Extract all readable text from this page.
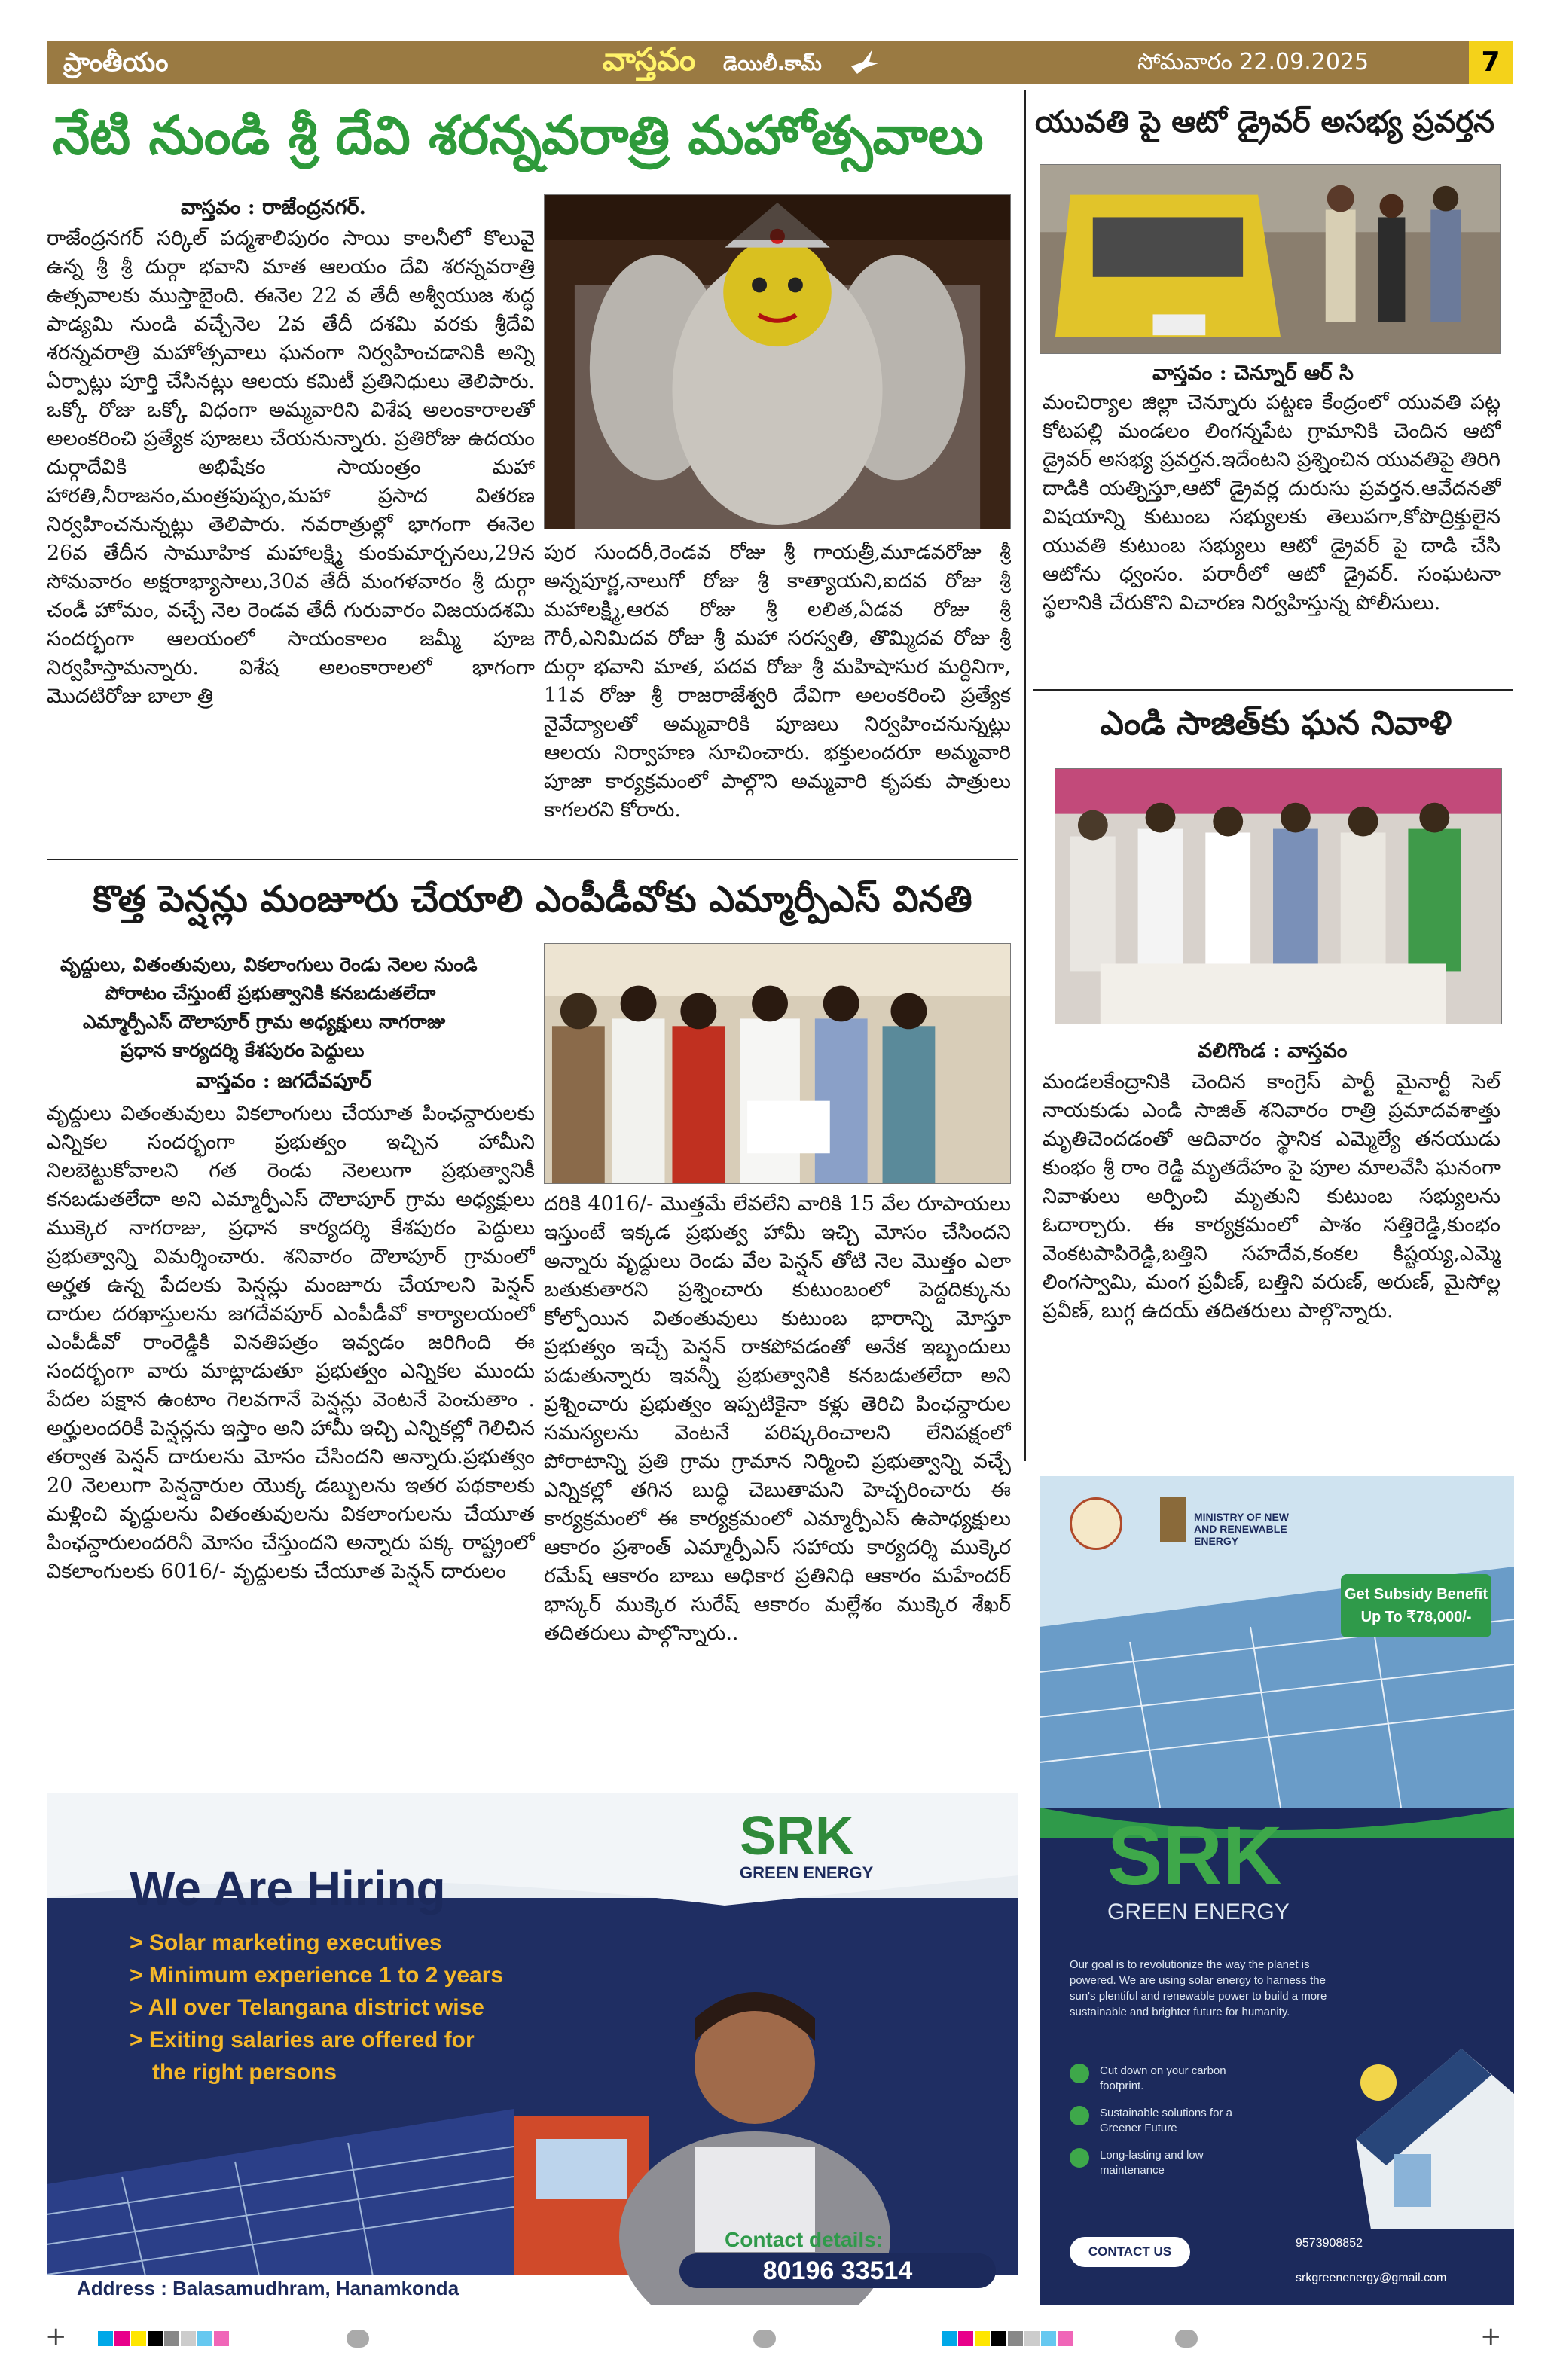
ప్రాంతీయం	వాస్తవం డెయిలీ.కామ్	సోమవారం 22.09.2025	7
నేటి నుండి శ్రీ దేవి శరన్నవరాత్రి మహోత్సవాలు
వాస్తవం : రాజేంద్రనగర్.
రాజేంద్రనగర్ సర్కిల్ పద్మశాలిపురం సాయి కాలనీలో కొలువై ఉన్న శ్రీ శ్రీ దుర్గా భవాని మాత ఆలయం దేవి శరన్నవరాత్రి ఉత్సవాలకు ముస్తాబైంది. ఈనెల 22 వ తేదీ అశ్వీయుజ శుద్ధ పాడ్యమి నుండి వచ్చేనెల 2వ తేదీ దశమి వరకు శ్రీదేవి శరన్నవరాత్రి మహోత్సవాలు ఘనంగా నిర్వహించడానికి అన్ని ఏర్పాట్లు పూర్తి చేసినట్లు ఆలయ కమిటీ ప్రతినిధులు తెలిపారు. ఒక్కో రోజు ఒక్కో విధంగా అమ్మవారిని విశేష అలంకారాలతో అలంకరించి ప్రత్యేక పూజలు చేయనున్నారు. ప్రతిరోజు ఉదయం దుర్గాదేవికి అభిషేకం సాయంత్రం మహా హారతి,నీరాజనం,మంత్రపుష్పం,మహా ప్రసాద వితరణ నిర్వహించనున్నట్లు తెలిపారు. నవరాత్రుల్లో భాగంగా ఈనెల 26వ తేదీన సామూహిక మహాలక్ష్మి కుంకుమార్చనలు,29న సోమవారం అక్షరాభ్యాసాలు,30వ తేదీ మంగళవారం శ్రీ దుర్గా చండీ హోమం, వచ్చే నెల రెండవ తేదీ గురువారం విజయదశమి సందర్భంగా ఆలయంలో సాయంకాలం జమ్మీ పూజ నిర్వహిస్తామన్నారు. విశేష అలంకారాలలో భాగంగా మొదటిరోజు బాలా త్రి
పుర సుందరీ,రెండవ రోజు శ్రీ గాయత్రీ,మూడవరోజు శ్రీ అన్నపూర్ణ,నాలుగో రోజు శ్రీ కాత్యాయని,ఐదవ రోజు శ్రీ మహాలక్ష్మి,ఆరవ రోజు శ్రీ లలిత,ఏడవ రోజు శ్రీ గౌరీ,ఎనిమిదవ రోజు శ్రీ మహా సరస్వతి, తొమ్మిదవ రోజు శ్రీ దుర్గా భవాని మాత, పదవ రోజు శ్రీ మహిషాసుర మర్దినిగా, 11వ రోజు శ్రీ రాజరాజేశ్వరి దేవిగా అలంకరించి ప్రత్యేక నైవేద్యాలతో అమ్మవారికి పూజలు నిర్వహించనున్నట్లు ఆలయ నిర్వాహణ సూచించారు. భక్తులందరూ అమ్మవారి పూజా కార్యక్రమంలో పాల్గొని అమ్మవారి కృపకు పాత్రులు కాగలరని కోరారు.
యువతి పై ఆటో డ్రైవర్ అసభ్య ప్రవర్తన
వాస్తవం : చెన్నూర్ ఆర్ సి
మంచిర్యాల జిల్లా చెన్నూరు పట్టణ కేంద్రంలో యువతి పట్ల కోటపల్లి మండలం లింగన్నపేట గ్రామానికి చెందిన ఆటో డ్రైవర్ అసభ్య ప్రవర్తన.ఇదేంటని ప్రశ్నించిన యువతిపై తిరిగి దాడికి యత్నిస్తూ,ఆటో డ్రైవర్ల దురుసు ప్రవర్తన.ఆవేదనతో విషయాన్ని కుటుంబ సభ్యులకు తెలుపగా,కోపొద్రిక్తులైన యువతి కుటుంబ సభ్యులు ఆటో డ్రైవర్ పై దాడి చేసి ఆటోను ధ్వంసం. పరారీలో ఆటో డ్రైవర్. సంఘటనా స్థలానికి చేరుకొని విచారణ నిర్వహిస్తున్న పోలీసులు.
ఎండి సాజిత్‌కు ఘన నివాళి
వలిగొండ : వాస్తవం
మండలకేంద్రానికి చెందిన కాంగ్రెస్ పార్టీ మైనార్టీ సెల్ నాయకుడు ఎండి సాజిత్ శనివారం రాత్రి ప్రమాదవశాత్తు మృతిచెందడంతో ఆదివారం స్థానిక ఎమ్మెల్యే తనయుడు కుంభం శ్రీ రాం రెడ్డి మృతదేహం పై పూల మాలవేసి ఘనంగా నివాళులు అర్పించి మృతుని కుటుంబ సభ్యులను ఓదార్చారు. ఈ కార్యక్రమంలో పాశం సత్తిరెడ్డి,కుంభం వెంకటపాపిరెడ్డి,బత్తిని సహదేవ,కంకల కిష్టయ్య,ఎమ్మె లింగస్వామి, మంగ ప్రవీణ్, బత్తిని వరుణ్, అరుణ్, మైసోల్ల ప్రవీణ్, బుగ్గ ఉదయ్ తదితరులు పాల్గొన్నారు.
కొత్త పెన్షన్లు మంజూరు చేయాలి ఎంపీడీవోకు ఎమ్మార్పీఎస్ వినతి
వృద్దులు, వితంతువులు, వికలాంగులు రెండు నెలల నుండి
పోరాటం చేస్తుంటే ప్రభుత్వానికి కనబడుతలేదా
ఎమ్మార్పీఎస్ దౌలాపూర్ గ్రామ అధ్యక్షులు నాగరాజు
ప్రధాన కార్యదర్శి కేశపురం పెద్దులు
వాస్తవం : జగదేవపూర్
వృద్దులు వితంతువులు వికలాంగులు చేయూత పింఛన్దారులకు ఎన్నికల సందర్భంగా ప్రభుత్వం ఇచ్చిన హామీని నిలబెట్టుకోవాలని గత రెండు నెలలుగా ప్రభుత్వానికీ కనబడుతలేదా అని ఎమ్మార్పీఎస్ దౌలాపూర్ గ్రామ అధ్యక్షులు ముక్కెర నాగరాజు, ప్రధాన కార్యదర్శి కేశపురం పెద్దులు ప్రభుత్వాన్ని విమర్శించారు. శనివారం దౌలాపూర్ గ్రామంలో అర్హత ఉన్న పేదలకు పెన్షన్లు మంజూరు చేయాలని పెన్షన్ దారుల దరఖాస్తులను జగదేవపూర్ ఎంపీడీవో కార్యాలయంలో ఎంపీడీవో రాంరెడ్డికి వినతిపత్రం ఇవ్వడం జరిగింది ఈ సందర్భంగా వారు మాట్లాడుతూ ప్రభుత్వం ఎన్నికల ముందు పేదల పక్షాన ఉంటాం గెలవగానే పెన్షన్లు వెంటనే పెంచుతాం . అర్హులందరికీ పెన్షన్లను ఇస్తాం అని హామీ ఇచ్చి ఎన్నికల్లో గెలిచిన తర్వాత పెన్షన్ దారులను మోసం చేసిందని అన్నారు.ప్రభుత్వం 20 నెలలుగా పెన్షన్దారుల యొక్క డబ్బులను ఇతర పథకాలకు మళ్లించి వృద్దులను వితంతువులను వికలాంగులను చేయూత పింఛన్దారులందరినీ మోసం చేస్తుందని అన్నారు పక్క రాష్ట్రంలో వికలాంగులకు 6016/- వృద్దులకు చేయూత పెన్షన్ దారులం
దరికి 4016/- మొత్తమే లేవలేని వారికి 15 వేల రూపాయలు ఇస్తుంటే ఇక్కడ ప్రభుత్వ హామీ ఇచ్చి మోసం చేసిందని అన్నారు వృద్దులు రెండు వేల పెన్షన్ తోటి నెల మొత్తం ఎలా బతుకుతారని ప్రశ్నించారు కుటుంబంలో పెద్దదిక్కును కోల్పోయిన వితంతువులు కుటుంబ భారాన్ని మోస్తూ ప్రభుత్వం ఇచ్చే పెన్షన్ రాకపోవడంతో అనేక ఇబ్బందులు పడుతున్నారు ఇవన్నీ ప్రభుత్వానికి కనబడుతలేదా అని ప్రశ్నించారు ప్రభుత్వం ఇప్పటికైనా కళ్లు తెరిచి పింఛన్దారుల సమస్యలను వెంటనే పరిష్కరించాలని లేనిపక్షంలో పోరాటాన్ని ప్రతి గ్రామ గ్రామాన నిర్మించి ప్రభుత్వాన్ని వచ్చే ఎన్నికల్లో తగిన బుద్ధి చెబుతామని హెచ్చరించారు ఈ కార్యక్రమంలో ఈ కార్యక్రమంలో ఎమ్మార్పీఎస్ ఉపాధ్యక్షులు ఆకారం ప్రశాంత్ ఎమ్మార్పీఎస్ సహాయ కార్యదర్శి ముక్కెర రమేష్ ఆకారం బాబు అధికార ప్రతినిధి ఆకారం మహేందర్ భాస్కర్ ముక్కెర సురేష్ ఆకారం మల్లేశం ముక్కెర శేఖర్ తదితరులు పాల్గొన్నారు..
SRK
GREEN ENERGY
We Are Hiring
> Solar marketing executives
> Minimum experience 1 to 2 years
> All over Telangana district wise
> Exiting salaries are offered for
the right persons
Contact details:
80196 33514
Address : Balasamudhram, Hanamkonda
MINISTRY OF NEW AND RENEWABLE ENERGY
Get Subsidy Benefit
Up To ₹78,000/-
SRK
GREEN ENERGY
Our goal is to revolutionize the way the planet is powered. We are using solar energy to harness the sun's plentiful and renewable power to build a more sustainable and brighter future for humanity.
Cut down on your carbon footprint.
Sustainable solutions for a Greener Future
Long-lasting and low maintenance
CONTACT US
9573908852
srkgreenenergy@gmail.com
+	+
